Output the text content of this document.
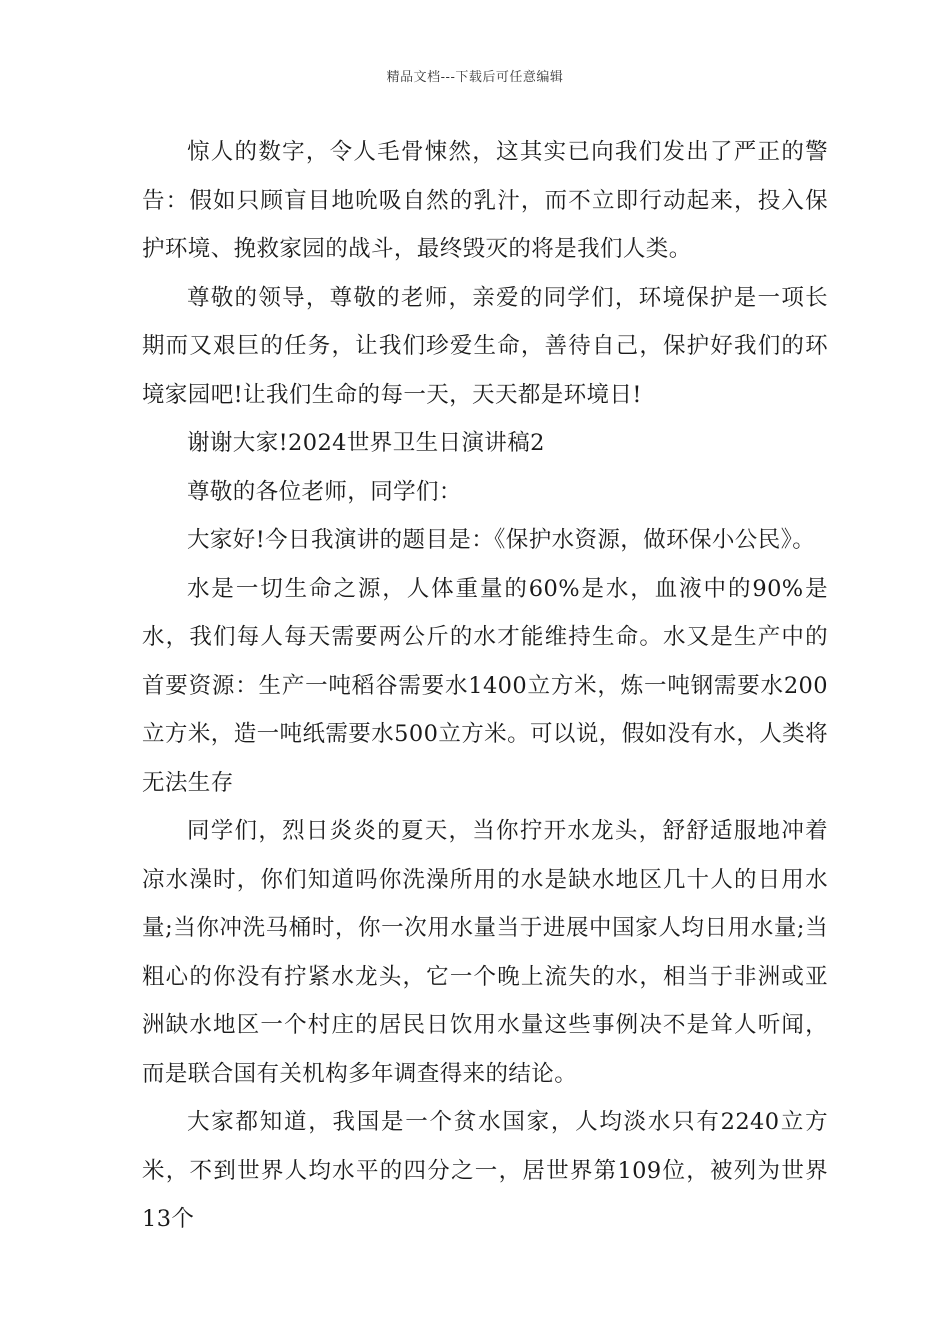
精品文档---下载后可任意编辑

惊人的数字，令人毛骨悚然，这其实已向我们发出了严正的警告：假如只顾盲目地吮吸自然的乳汁，而不立即行动起来，投入保护环境、挽救家园的战斗，最终毁灭的将是我们人类。

尊敬的领导，尊敬的老师，亲爱的同学们，环境保护是一项长期而又艰巨的任务，让我们珍爱生命，善待自己，保护好我们的环境家园吧!让我们生命的每一天，天天都是环境日!

谢谢大家!2024世界卫生日演讲稿2

尊敬的各位老师，同学们：

大家好!今日我演讲的题目是：《保护水资源，做环保小公民》。

水是一切生命之源，人体重量的60%是水，血液中的90%是水，我们每人每天需要两公斤的水才能维持生命。水又是生产中的首要资源：生产一吨稻谷需要水1400立方米，炼一吨钢需要水200立方米，造一吨纸需要水500立方米。可以说，假如没有水，人类将无法生存

同学们，烈日炎炎的夏天，当你拧开水龙头，舒舒适服地冲着凉水澡时，你们知道吗你洗澡所用的水是缺水地区几十人的日用水量;当你冲洗马桶时，你一次用水量当于进展中国家人均日用水量;当粗心的你没有拧紧水龙头，它一个晚上流失的水，相当于非洲或亚洲缺水地区一个村庄的居民日饮用水量这些事例决不是耸人听闻，而是联合国有关机构多年调查得来的结论。

大家都知道，我国是一个贫水国家，人均淡水只有2240立方米，不到世界人均水平的四分之一，居世界第109位，被列为世界13个
